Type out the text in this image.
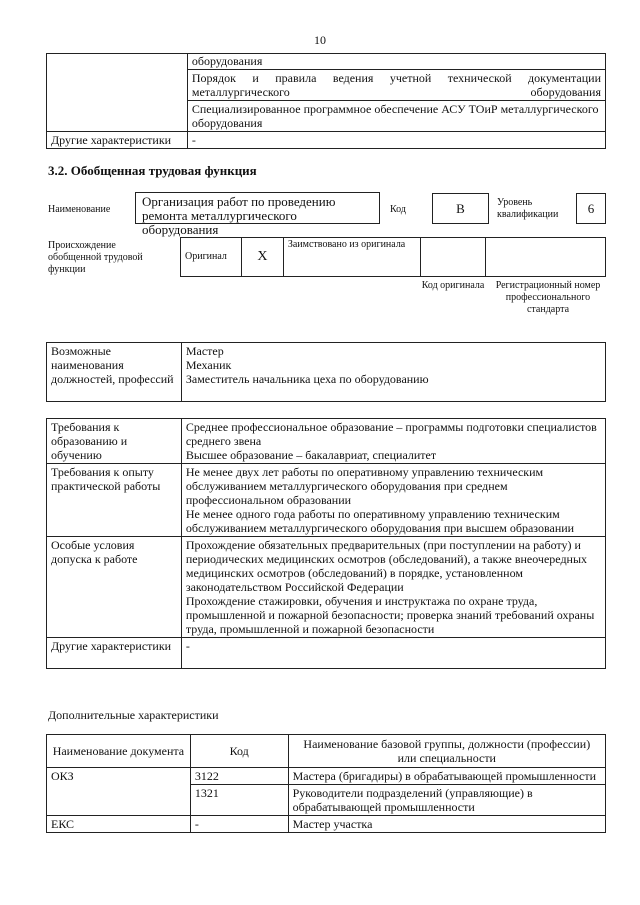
10
	оборудования

	Порядок и правила ведения учетной технической документации металлургического оборудования

	Специализированное программное обеспечение АСУ ТОиР металлургического оборудования
Другие характеристики	-
3.2. Обобщенная трудовая функция
Наименование
Организация работ по проведению ремонта металлургического оборудования
Код	В	Уровень квалификации	6
Происхождение обобщенной трудовой функции
Оригинал	X	Заимствовано из оригинала		
Код оригинала	Регистрационный номер профессионального стандарта
Возможные наименования должностей, профессий	
Мастер
Механик
Заместитель начальника цеха по оборудованию
Требования к образованию и обучению	Среднее профессиональное образование – программы подготовки специалистов среднего звена
Высшее образование – бакалавриат, специалитет

Требования к опыту практической работы	Не менее двух лет работы по оперативному управлению техническим обслуживанием металлургического оборудования при среднем профессиональном образовании
Не менее одного года работы по оперативному управлению техническим обслуживанием металлургического оборудования при высшем образовании

Особые условия допуска к работе	Прохождение обязательных предварительных (при поступлении на работу) и периодических медицинских осмотров (обследований), а также внеочередных медицинских осмотров (обследований) в порядке, установленном законодательством Российской Федерации
Прохождение стажировки, обучения и инструктажа по охране труда, промышленной и пожарной безопасности; проверка знаний требований охраны труда, промышленной и пожарной безопасности

Другие характеристики	-
Дополнительные характеристики
Наименование документа	Код	Наименование базовой группы, должности (профессии) или специальности
ОКЗ	3122	Мастера (бригадиры) в обрабатывающей промышленности
	1321	Руководители подразделений (управляющие) в обрабатывающей промышленности
ЕКС	-	Мастер участка
